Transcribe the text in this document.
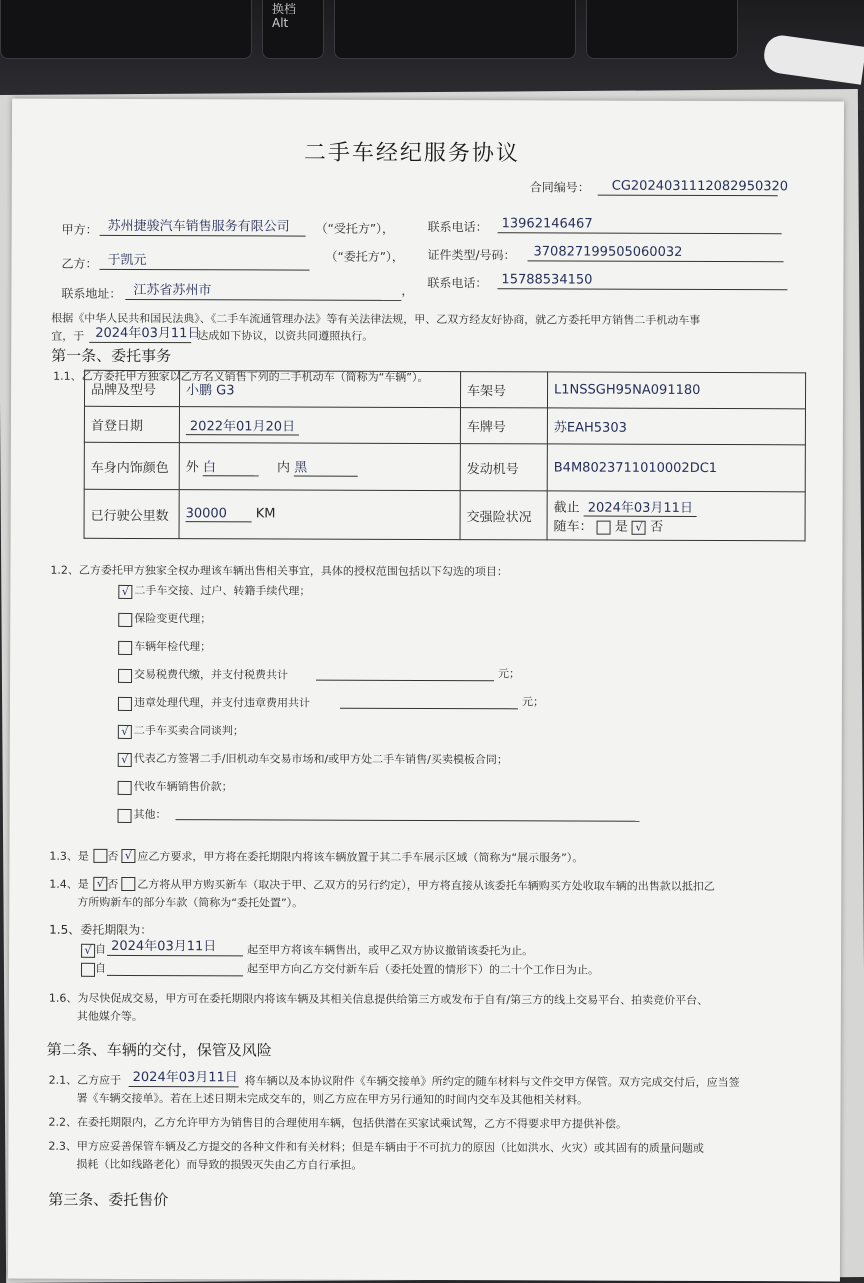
换档
Alt
二手车经纪服务协议
合同编号： CG2024031112082950320
甲方： 苏州捷骏汽车销售服务有限公司 （“受托方”），	联系电话： 13962146467
乙方： 于凯元	（“委托方”）， 证件类型/号码： 370827199505060032
联系地址： 江苏省苏州市	，
联系电话： 15788534150
根据《中华人民共和国民法典》、《二手车流通管理办法》等有关法律法规，甲、乙双方经友好协商，就乙方委托甲方销售二手机动车事
宜，于 2024年03月11日
达成如下协议，以资共同遵照执行。
第一条、委托事务
1.1、乙方委托甲方独家以乙方名义销售下列的二手机动车（简称为“车辆”）。
品牌及型号	小鹏 G3	车架号	L1NSSGH95NA091180
首登日期	2022年01月20日	车牌号	苏EAH5303
车身内饰颜色	外 白 内 黑	发动机号	B4M8023711010002DC1
已行驶公里数	30000 KM	交强险状况	截止 2024年03月11日
随车： 是 √ 否
1.2、乙方委托甲方独家全权办理该车辆出售相关事宜，具体的授权范围包括以下勾选的项目：
√ 二手车交接、过户、转籍手续代理；
保险变更代理；
车辆年检代理；
交易税费代缴，并支付税费共计	元；
违章处理代理，并支付违章费用共计	元；
√ 二手车买卖合同谈判；
√ 代表乙方签署二手/旧机动车交易市场和/或甲方处二手车销售/买卖模板合同；
代收车辆销售价款；
其他：
1.3、是 否 √ 应乙方要求，甲方将在委托期限内将该车辆放置于其二手车展示区域（简称为“展示服务”）。
1.4、是 √ 否 乙方将从甲方购买新车（取决于甲、乙双方的另行约定），甲方将直接从该委托车辆购买方处收取车辆的出售款以抵扣乙
方所购新车的部分车款（简称为“委托处置”）。
1.5、委托期限为：
√ 自 2024年03月11日	起至甲方将该车辆售出，或甲乙双方协议撤销该委托为止。
自	起至甲方向乙方交付新车后（委托处置的情形下）的二十个工作日为止。
1.6、为尽快促成交易，甲方可在委托期限内将该车辆及其相关信息提供给第三方或发布于自有/第三方的线上交易平台、拍卖竞价平台、
其他媒介等。
第二条、车辆的交付，保管及风险
2.1、乙方应于 2024年03月11日 将车辆以及本协议附件《车辆交接单》所约定的随车材料与文件交甲方保管。双方完成交付后，应当签
署《车辆交接单》。若在上述日期未完成交车的，则乙方应在甲方另行通知的时间内交车及其他相关材料。
2.2、在委托期限内，乙方允许甲方为销售目的合理使用车辆，包括供潜在买家试乘试驾，乙方不得要求甲方提供补偿。
2.3、甲方应妥善保管车辆及乙方提交的各种文件和有关材料；但是车辆由于不可抗力的原因（比如洪水、火灾）或其固有的质量问题或
损耗（比如线路老化）而导致的损毁灭失由乙方自行承担。
第三条、委托售价
